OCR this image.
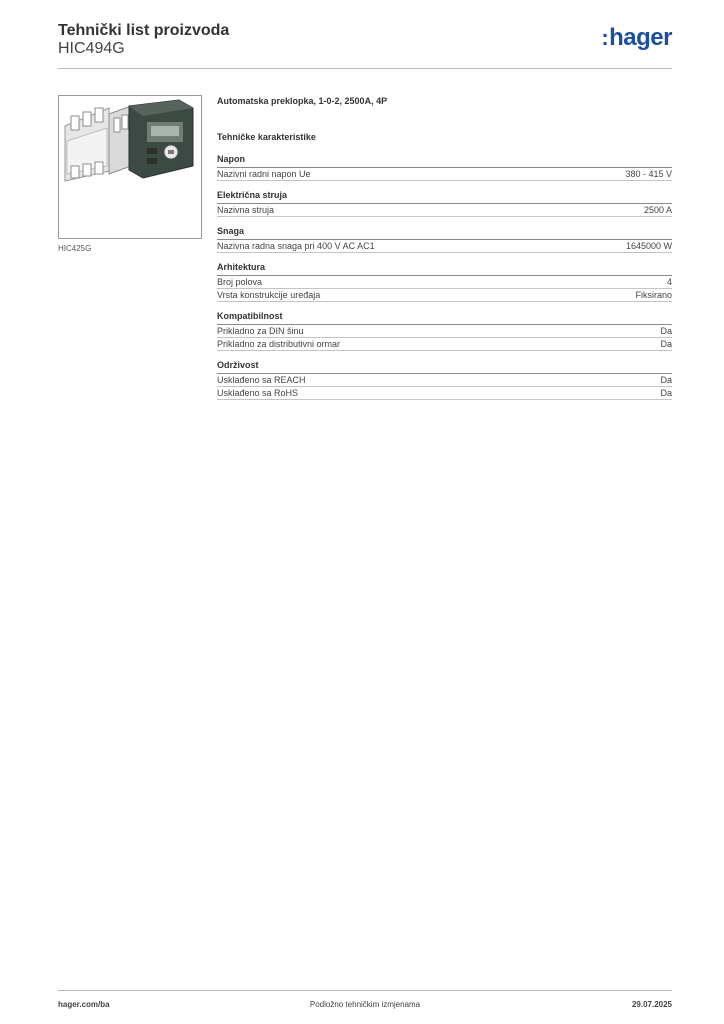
Tehnički list proizvoda
HIC494G	:hager
HIC425G
Automatska preklopka, 1-0-2, 2500A, 4P
Tehničke karakteristike
Napon
Nazivni radni napon Ue	380 - 415 V
Električna struja
Nazivna struja	2500 A
Snaga
Nazivna radna snaga pri 400 V AC AC1	1645000 W
Arhitektura
Broj polova	4
Vrsta konstrukcije uređaja	Fiksirano
Kompatibilnost
Prikladno za DIN šinu	Da
Prikladno za distributivni ormar	Da
Održivost
Usklađeno sa REACH	Da
Usklađeno sa RoHS	Da
hager.com/ba	Podložno tehničkim izmjenama	29.07.2025
